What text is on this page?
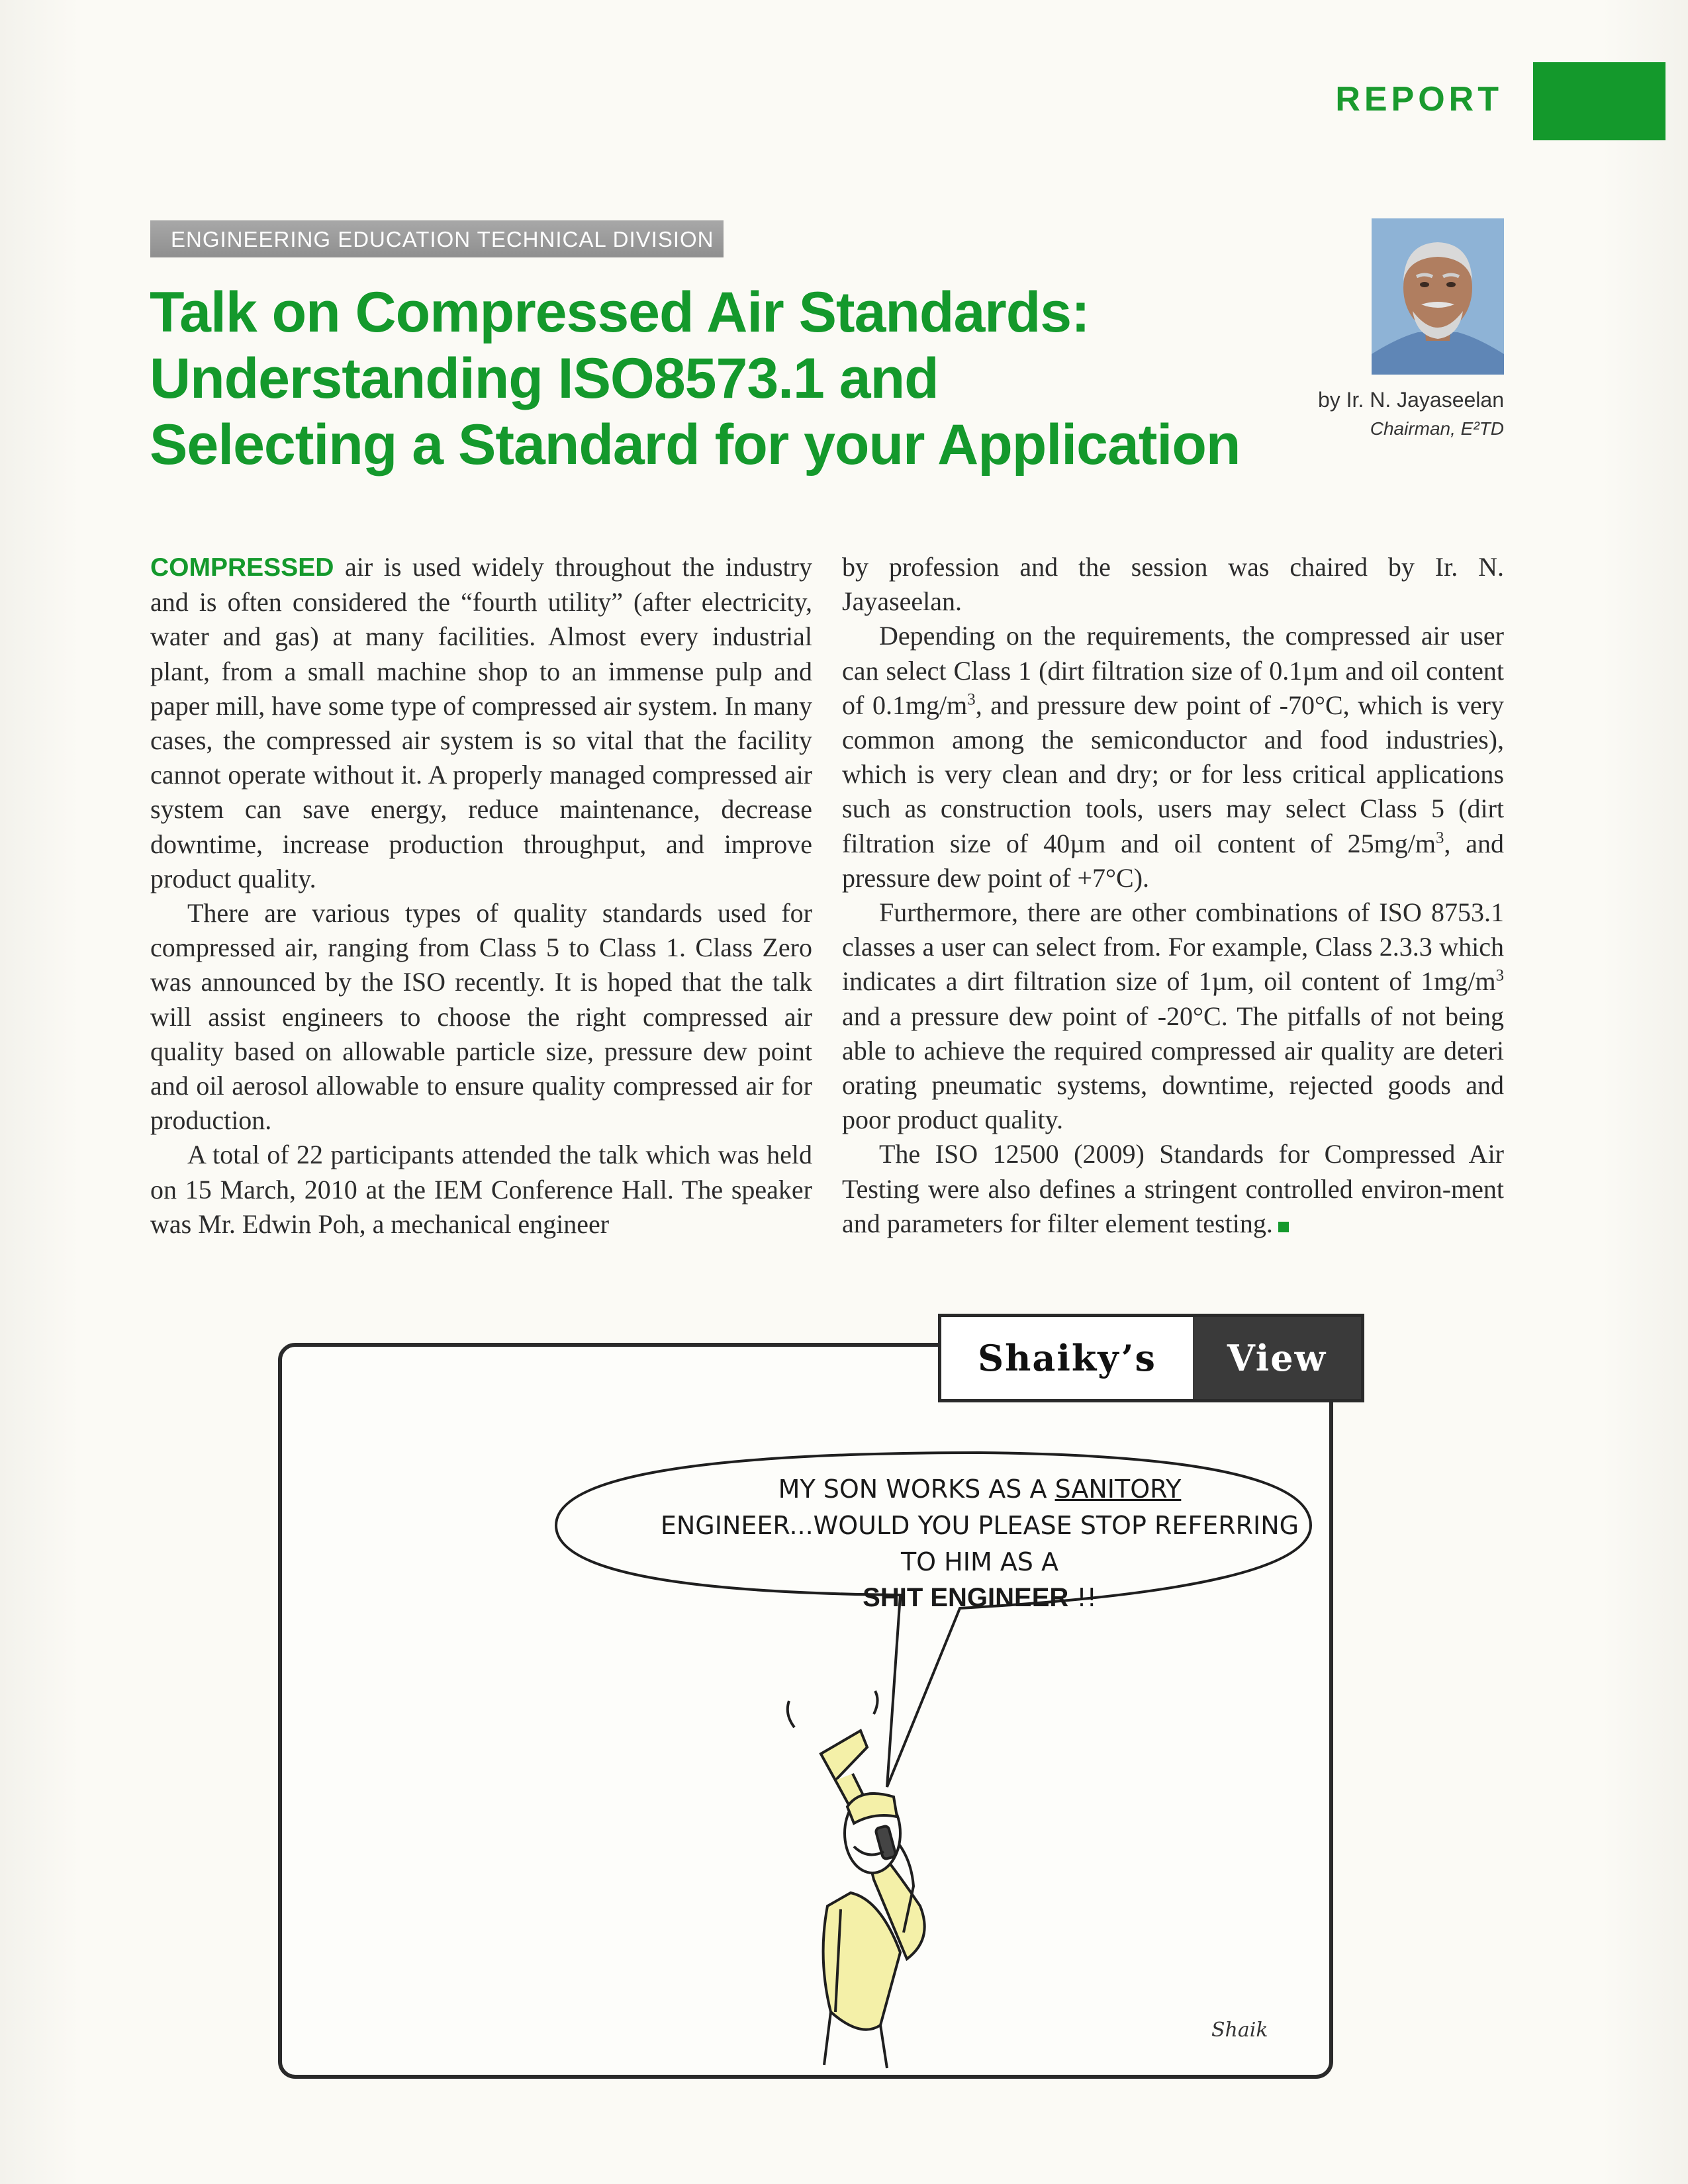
REPORT
ENGINEERING EDUCATION TECHNICAL DIVISION
Talk on Compressed Air Standards:
Understanding ISO8573.1 and
Selecting a Standard for your Application
by Ir. N. Jayaseelan
Chairman, E²TD

COMPRESSED air is used widely throughout the industry and is often considered the “fourth utility” (after electricity, water and gas) at many facilities. Almost every industrial plant, from a small machine shop to an immense pulp and paper mill, have some type of compressed air system. In many cases, the compressed air system is so vital that the facility cannot operate without it. A properly managed compressed air system can save energy, reduce maintenance, decrease downtime, increase production throughput, and improve product quality.

There are various types of quality standards used for compressed air, ranging from Class 5 to Class 1. Class Zero was announced by the ISO recently. It is hoped that the talk will assist engineers to choose the right compressed air quality based on allowable particle size, pressure dew point and oil aerosol allowable to ensure quality compressed air for production.

A total of 22 participants attended the talk which was held on 15 March, 2010 at the IEM Conference Hall. The speaker was Mr. Edwin Poh, a mechanical engineer

by profession and the session was chaired by Ir. N. Jayaseelan.

Depending on the requirements, the compressed air user can select Class 1 (dirt filtration size of 0.1µm and oil content of $0.1mg/m^3$, and pressure dew point of -70°C, which is very common among the semiconductor and food industries), which is very clean and dry; or for less critical applications such as construction tools, users may select Class 5 (dirt filtration size of 40µm and oil content of $25mg/m^3$, and pressure dew point of +7°C).

Furthermore, there are other combinations of ISO 8753.1 classes a user can select from. For example, Class 2.3.3 which indicates a dirt filtration size of 1µm, oil content of $1mg/m^3$ and a pressure dew point of -20°C. The pitfalls of not being able to achieve the required compressed air quality are deteri orating pneumatic systems, downtime, rejected goods and poor product quality.

The ISO 12500 (2009) Standards for Compressed Air Testing were also defines a stringent controlled environ-ment and parameters for filter element testing.

Shaiky’s	View
MY SON WORKS AS A SANITORY
ENGINEER...WOULD YOU PLEASE STOP REFERRING
TO HIM AS A
SHIT ENGINEER !!
Shaik
